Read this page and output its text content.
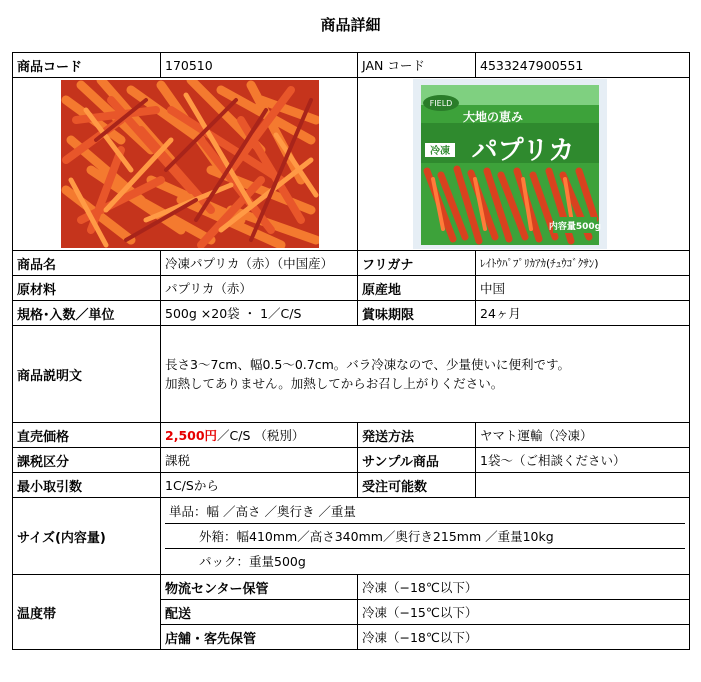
商品詳細
商品コード	170510	JAN コード	4533247900551

FIELD
大地の恵み
冷凍 パプリカ
内容量500g	

商品名	冷凍パプリカ（赤）（中国産）	フリガナ	ﾚｲﾄｳﾊﾟﾌﾟﾘｶｱｶ(ﾁｭｳｺﾞｸｻﾝ)
原材料	パプリカ（赤）	原産地	中国
規格･入数／単位	500g ×20袋 ・ 1／C/S	賞味期限	24ヶ月
商品説明文	長さ3～7cm、幅0.5～0.7cm。バラ冷凍なので、少量使いに便利です。
加熱してありません。加熱してからお召し上がりください。		

直売価格	2,500円／C/S （税別）	発送方法	ヤマト運輸（冷凍）
課税区分	課税	サンプル商品	1袋～（ご相談ください）
最小取引数	1C/Sから	受注可能数	
サイズ(内容量)	単品：幅 ／高さ ／奥行き ／重量
外箱：幅410mm／高さ340mm／奥行き215mm ／重量10kg
パック：重量500g		

温度帯	物流センター保管	冷凍（−18℃以下）	
	配送	冷凍（−15℃以下）	
	店舗・客先保管	冷凍（−18℃以下）	
